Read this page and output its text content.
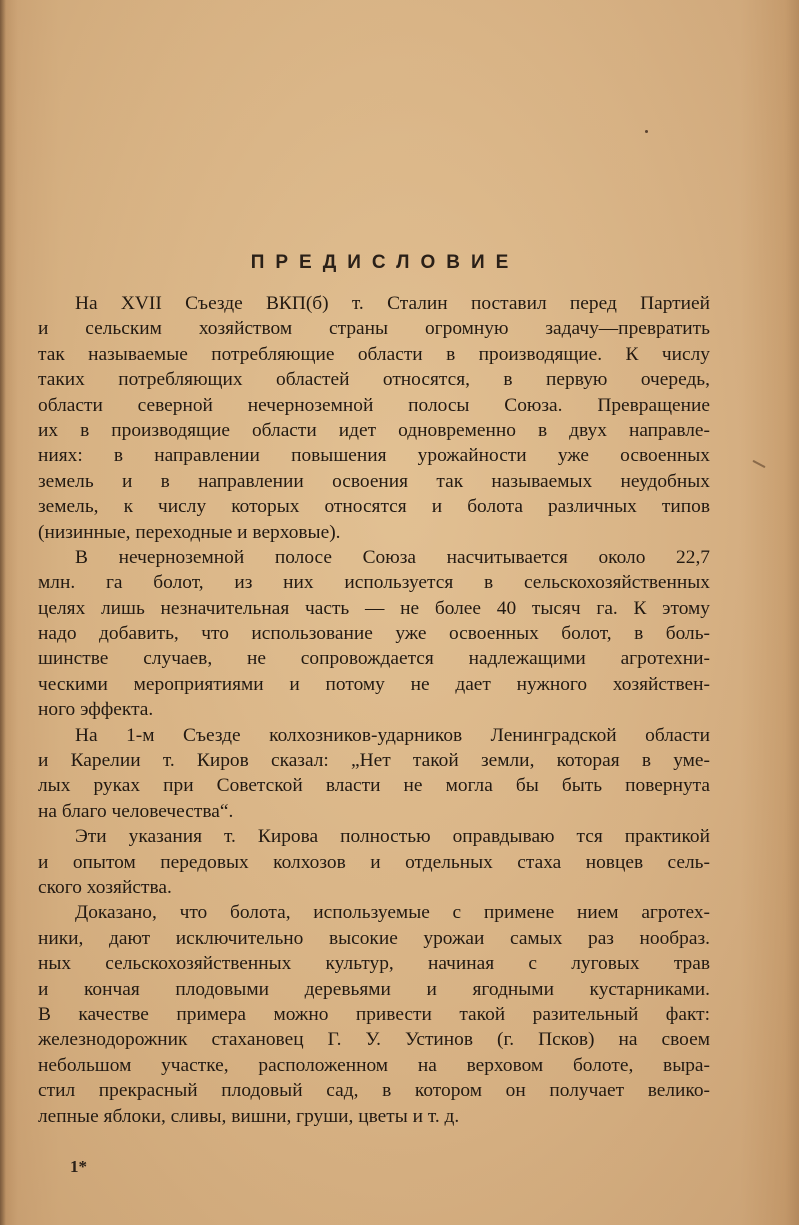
ПРЕДИСЛОВИЕ
На XVII Съезде ВКП(б) т. Сталин поставил перед Партией
и сельским хозяйством страны огромную задачу—превратить
так называемые потребляющие области в производящие. К числу
таких потребляющих областей относятся, в первую очередь,
области северной нечерноземной полосы Союза. Превращение
их в производящие области идет одновременно в двух направле-
ниях: в направлении повышения урожайности уже освоенных
земель и в направлении освоения так называемых неудобных
земель, к числу которых относятся и болота различных типов
(низинные, переходные и верховые).
В нечерноземной полосе Союза насчитывается около 22,7
млн. га болот, из них используется в сельскохозяйственных
целях лишь незначительная часть — не более 40 тысяч га. К этому
надо добавить, что использование уже освоенных болот, в боль-
шинстве случаев, не сопровождается надлежащими агротехни-
ческими мероприятиями и потому не дает нужного хозяйствен-
ного эффекта.
На 1-м Съезде колхозников-ударников Ленинградской области
и Карелии т. Киров сказал: „Нет такой земли, которая в уме-
лых руках при Советской власти не могла бы быть повернута
на благо человечества“.
Эти указания т. Кирова полностью оправдываю тся практикой
и опытом передовых колхозов и отдельных стаха новцев сель-
ского хозяйства.
Доказано, что болота, используемые с примене нием агротех-
ники, дают исключительно высокие урожаи самых раз нообраз.
ных сельскохозяйственных культур, начиная с луговых трав
и кончая плодовыми деревьями и ягодными кустарниками.
В качестве примера можно привести такой разительный факт:
железнодорожник стахановец Г. У. Устинов (г. Псков) на своем
небольшом участке, расположенном на верховом болоте, выра-
стил прекрасный плодовый сад, в котором он получает велико-
лепные яблоки, сливы, вишни, груши, цветы и т. д.
1*
